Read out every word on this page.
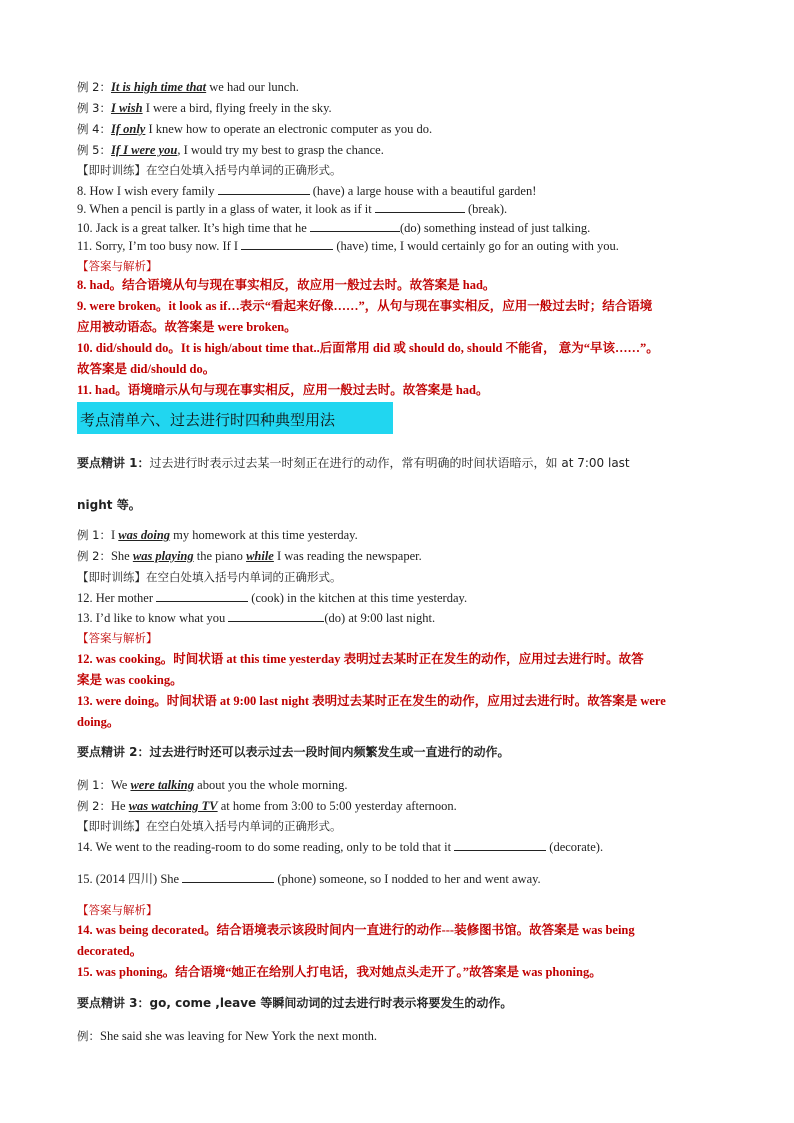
例 2：It is high time that we had our lunch.
例 3：I wish I were a bird, flying freely in the sky.
例 4：If only I knew how to operate an electronic computer as you do.
例 5：If I were you, I would try my best to grasp the chance.
【即时训练】在空白处填入括号内单词的正确形式。
8. How I wish every family	(have) a large house with a beautiful garden!
9. When a pencil is partly in a glass of water, it look as if it	(break).
10. Jack is a great talker. It’s high time that he	(do) something instead of just talking.
11. Sorry, I’m too busy now. If I	(have) time, I would certainly go for an outing with you.
【答案与解析】
8. had。结合语境从句与现在事实相反，故应用一般过去时。故答案是 had。
9. were broken。it look as if…表示“看起来好像……”，从句与现在事实相反，应用一般过去时；结合语境
应用被动语态。故答案是 were broken。
10. did/should do。It is high/about time that..后面常用 did 或 should do, should 不能省， 意为“早该……”。
故答案是 did/should do。
11. had。语境暗示从句与现在事实相反，应用一般过去时。故答案是 had。
考点清单六、过去进行时四种典型用法
要点精讲 1：过去进行时表示过去某一时刻正在进行的动作，常有明确的时间状语暗示，如 at 7:00 last
night 等。
例 1：I was doing my homework at this time yesterday.
例 2：She was playing the piano while I was reading the newspaper.
【即时训练】在空白处填入括号内单词的正确形式。
12. Her mother	(cook) in the kitchen at this time yesterday.
13. I’d like to know what you	(do) at 9:00 last night.
【答案与解析】
12. was cooking。时间状语 at this time yesterday 表明过去某时正在发生的动作，应用过去进行时。故答
案是 was cooking。
13. were doing。时间状语 at 9:00 last night 表明过去某时正在发生的动作，应用过去进行时。故答案是 were
doing。
要点精讲 2：过去进行时还可以表示过去一段时间内频繁发生或一直进行的动作。
例 1：We were talking about you the whole morning.
例 2：He was watching TV at home from 3:00 to 5:00 yesterday afternoon.
【即时训练】在空白处填入括号内单词的正确形式。
14. We went to the reading-room to do some reading, only to be told that it	(decorate).
15. (2014 四川) She	(phone) someone, so I nodded to her and went away.
【答案与解析】
14. was being decorated。结合语境表示该段时间内一直进行的动作---装修图书馆。故答案是 was being
decorated。
15. was phoning。结合语境“她正在给别人打电话，我对她点头走开了。”故答案是 was phoning。
要点精讲 3：go, come ,leave 等瞬间动词的过去进行时表示将要发生的动作。
例：She said she was leaving for New York the next month.
